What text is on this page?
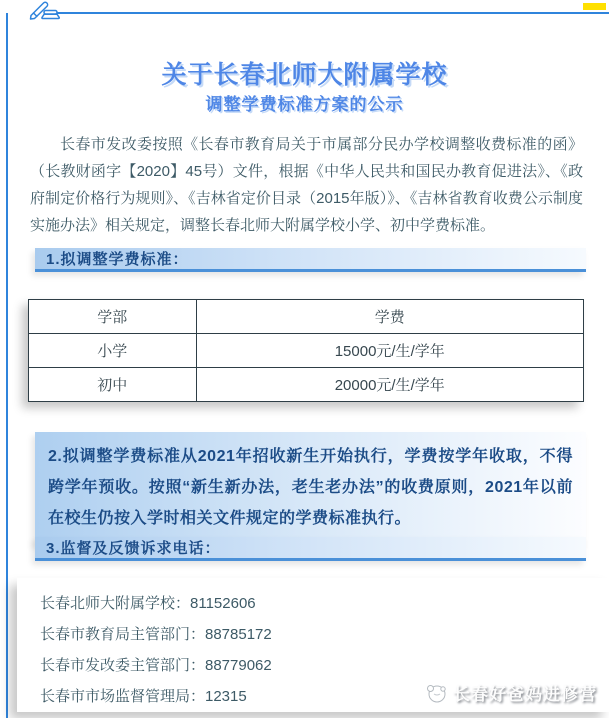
关于长春北师大附属学校
调整学费标准方案的公示

长春市发改委按照《长春市教育局关于市属部分民办学校调整收费标准的函》（长教财函字【2020】45号）文件，根据《中华人民共和国民办教育促进法》、《政府制定价格行为规则》、《吉林省定价目录（2015年版）》、《吉林省教育收费公示制度实施办法》相关规定，调整长春北师大附属学校小学、初中学费标准。

1.拟调整学费标准：
学部	学费
小学	15000元/生/学年
初中	20000元/生/学年
2.拟调整学费标准从2021年招收新生开始执行，学费按学年收取，不得跨学年预收。按照“新生新办法，老生老办法”的收费原则，2021年以前在校生仍按入学时相关文件规定的学费标准执行。
3.监督及反馈诉求电话：
长春北师大附属学校：81152606
长春市教育局主管部门：88785172
长春市发改委主管部门：88779062
长春市市场监督管理局：12315	长春好爸妈进修营
